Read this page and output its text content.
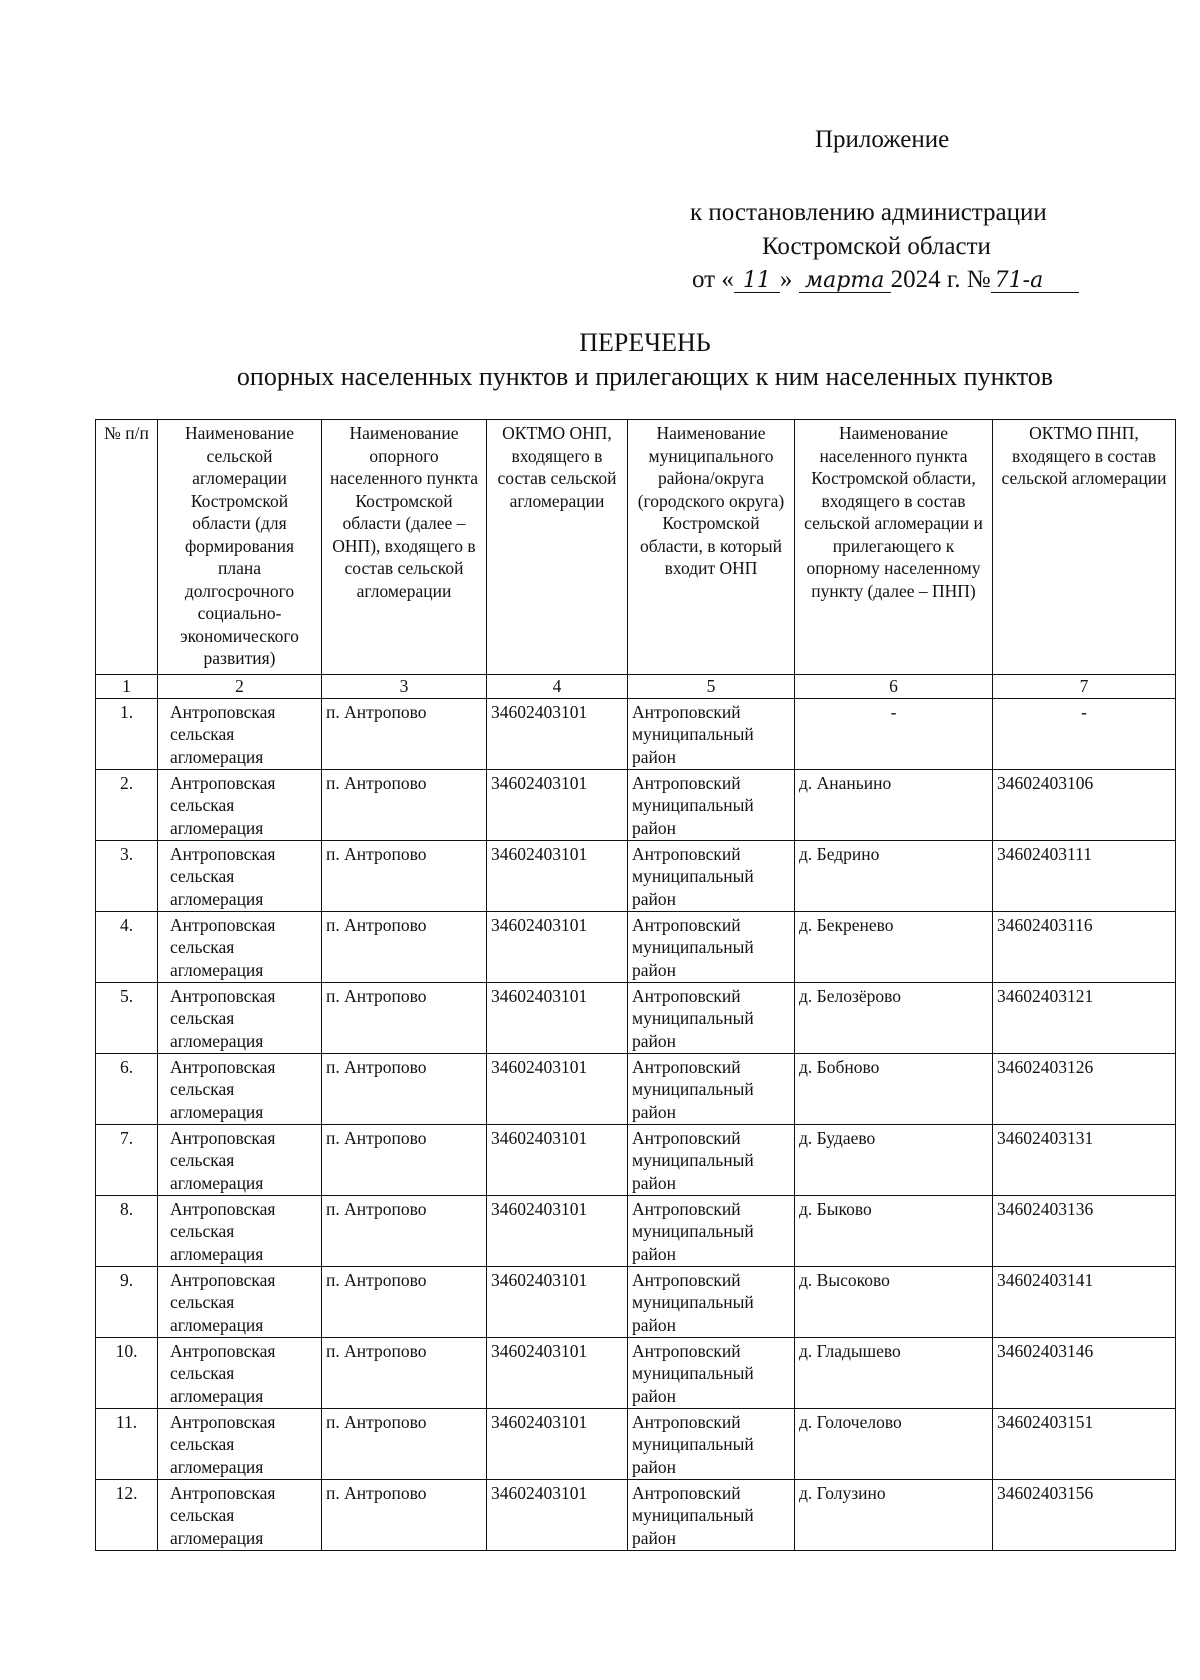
Приложение
к постановлению администрации
Костромской области
от « 11 » марта 2024 г. № 71-а
ПЕРЕЧЕНЬ
опорных населенных пунктов и прилегающих к ним населенных пунктов
№ п/п	Наименование сельской агломерации Костромской области (для формирования плана долгосрочного социально-экономического развития)	Наименование опорного населенного пункта Костромской области (далее – ОНП), входящего в состав сельской агломерации	ОКТМО ОНП, входящего в состав сельской агломерации	Наименование муниципального района/округа (городского округа) Костромской области, в который входит ОНП	Наименование населенного пункта Костромской области, входящего в состав сельской агломерации и прилегающего к опорному населенному пункту (далее – ПНП)	ОКТМО ПНП, входящего в состав сельской агломерации
1	2	3	4	5	6	7
1.	Антроповская сельская агломерация	п. Антропово	34602403101	Антроповский муниципальный район	-	-
2.	Антроповская сельская агломерация	п. Антропово	34602403101	Антроповский муниципальный район	д. Ананьино	34602403106
3.	Антроповская сельская агломерация	п. Антропово	34602403101	Антроповский муниципальный район	д. Бедрино	34602403111
4.	Антроповская сельская агломерация	п. Антропово	34602403101	Антроповский муниципальный район	д. Бекренево	34602403116
5.	Антроповская сельская агломерация	п. Антропово	34602403101	Антроповский муниципальный район	д. Белозёрово	34602403121
6.	Антроповская сельская агломерация	п. Антропово	34602403101	Антроповский муниципальный район	д. Бобново	34602403126
7.	Антроповская сельская агломерация	п. Антропово	34602403101	Антроповский муниципальный район	д. Будаево	34602403131
8.	Антроповская сельская агломерация	п. Антропово	34602403101	Антроповский муниципальный район	д. Быково	34602403136
9.	Антроповская сельская агломерация	п. Антропово	34602403101	Антроповский муниципальный район	д. Высоково	34602403141
10.	Антроповская сельская агломерация	п. Антропово	34602403101	Антроповский муниципальный район	д. Гладышево	34602403146
11.	Антроповская сельская агломерация	п. Антропово	34602403101	Антроповский муниципальный район	д. Голочелово	34602403151
12.	Антроповская сельская агломерация	п. Антропово	34602403101	Антроповский муниципальный район	д. Голузино	34602403156
